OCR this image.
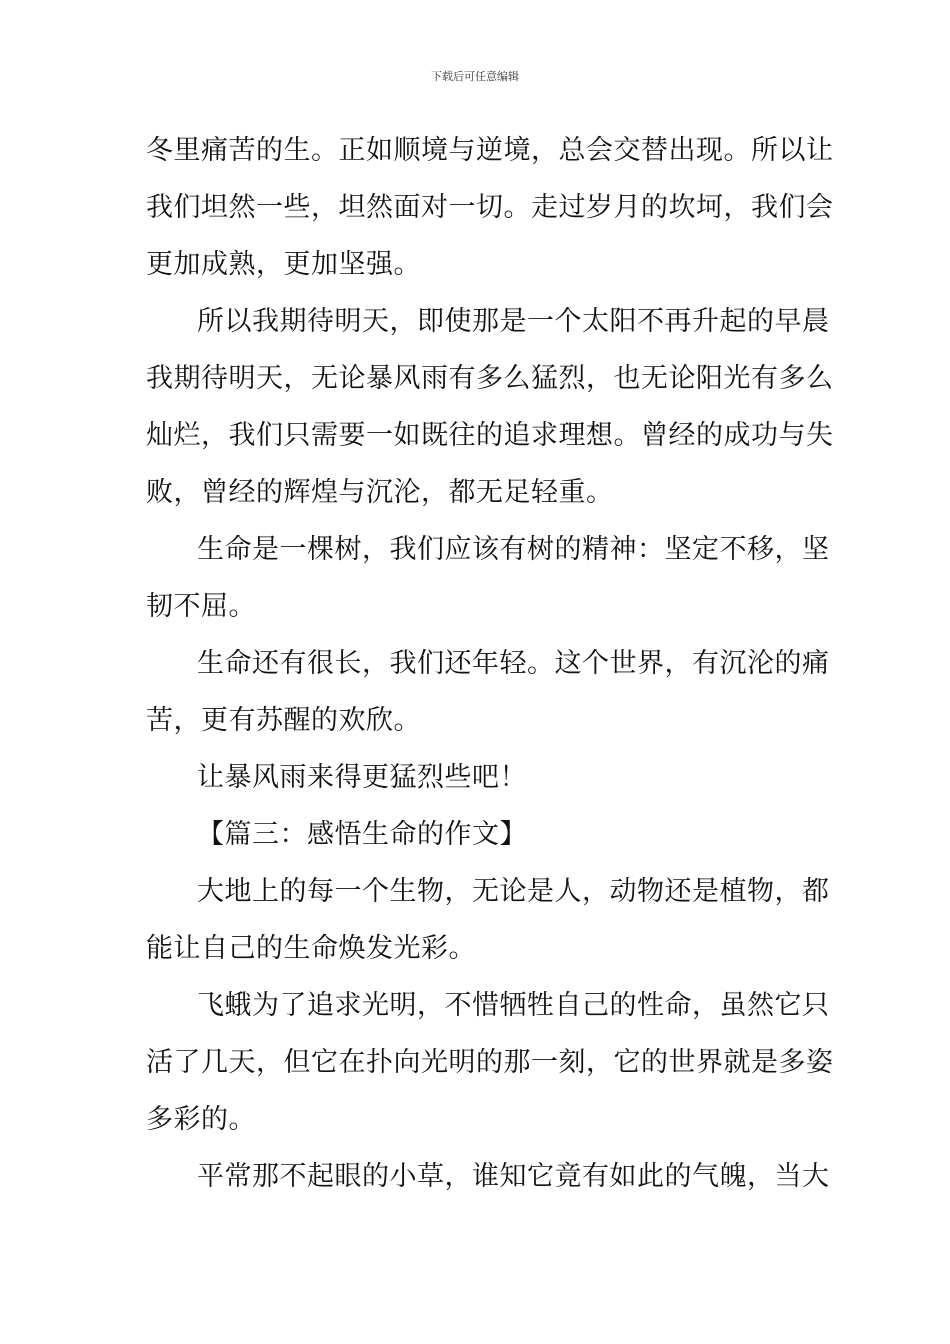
下载后可任意编辑
冬里痛苦的生。正如顺境与逆境，总会交替出现。所以让
我们坦然一些，坦然面对一切。走过岁月的坎坷，我们会
更加成熟，更加坚强。
所以我期待明天，即使那是一个太阳不再升起的早晨
我期待明天，无论暴风雨有多么猛烈，也无论阳光有多么
灿烂，我们只需要一如既往的追求理想。曾经的成功与失
败，曾经的辉煌与沉沦，都无足轻重。
生命是一棵树，我们应该有树的精神：坚定不移，坚
韧不屈。
生命还有很长，我们还年轻。这个世界，有沉沦的痛
苦，更有苏醒的欢欣。
让暴风雨来得更猛烈些吧！
【篇三：感悟生命的作文】
大地上的每一个生物，无论是人，动物还是植物，都
能让自己的生命焕发光彩。
飞蛾为了追求光明，不惜牺牲自己的性命，虽然它只
活了几天，但它在扑向光明的那一刻，它的世界就是多姿
多彩的。
平常那不起眼的小草，谁知它竟有如此的气魄，当大
